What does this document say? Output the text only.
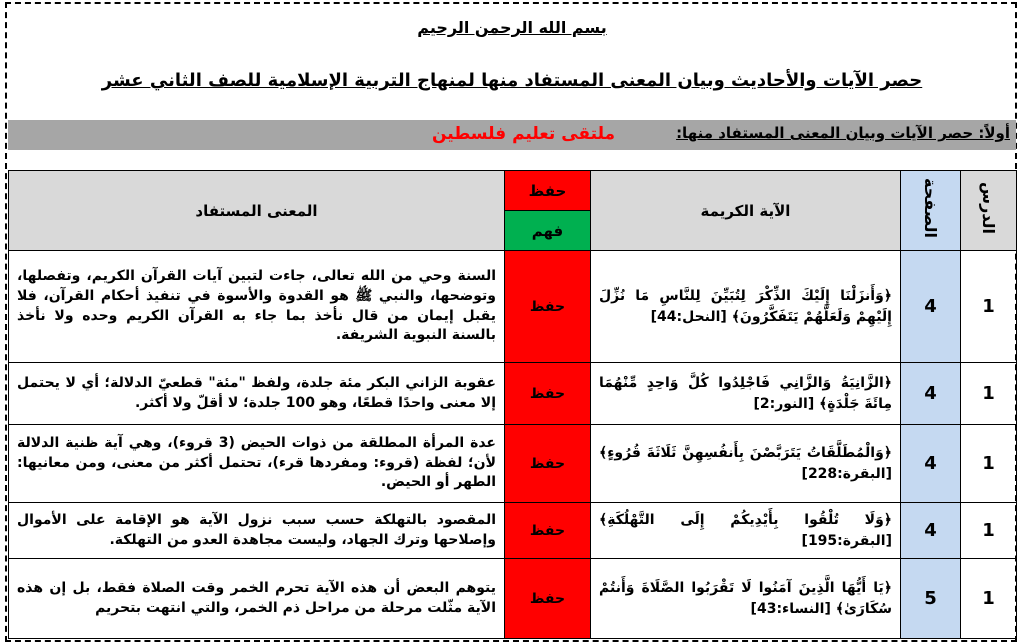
بسم الله الرحمن الرحيم
حصر الآيات والأحاديث وبيان المعنى المستفاد منها لمنهاج التربية الإسلامية للصف الثاني عشر
أولاً: حصر الآيات وبيان المعنى المستفاد منها:
ملتقى تعليم فلسطين
الدرس	الصفحة	الآية الكريمة	حفظ	المعنى المستفاد
			فهم	
1	4	﴿وَأَنزَلْنَا إِلَيْكَ الذِّكْرَ لِتُبَيِّنَ لِلنَّاسِ مَا نُزِّلَ إِلَيْهِمْ وَلَعَلَّهُمْ يَتَفَكَّرُونَ﴾ [النحل:44]	حفظ	السنة وحي من الله تعالى، جاءت لتبين آيات القرآن الكريم، وتفصلها، وتوضحها، والنبي ﷺ هو القدوة والأسوة في تنفيذ أحكام القرآن، فلا يقبل إيمان من قال نأخذ بما جاء به القرآن الكريم وحده ولا نأخذ بالسنة النبوية الشريفة.
1	4	﴿الزَّانِيَةُ وَالزَّانِي فَاجْلِدُوا كُلَّ وَاحِدٍ مِّنْهُمَا مِائَةَ جَلْدَةٍ﴾ [النور:2]	حفظ	عقوبة الزاني البكر مئة جلدة، ولفظ "مئة" قطعيّ الدلالة؛ أي لا يحتمل إلا معنى واحدًا قطعًا، وهو 100 جلدة؛ لا أقلّ ولا أكثر.
1	4	﴿وَالْمُطَلَّقَاتُ يَتَرَبَّصْنَ بِأَنفُسِهِنَّ ثَلَاثَةَ قُرُوءٍ﴾ [البقرة:228]	حفظ	عدة المرأة المطلقة من ذوات الحيض (3 قروء)، وهي آية ظنية الدلالة لأن؛ لفظة (قروء: ومفردها قرء)، تحتمل أكثر من معنى، ومن معانيها: الطهر أو الحيض.
1	4	﴿وَلَا تُلْقُوا بِأَيْدِيكُمْ إِلَى التَّهْلُكَةِ﴾ [البقرة:195]	حفظ	المقصود بالتهلكة حسب سبب نزول الآية هو الإقامة على الأموال وإصلاحها وترك الجهاد، وليست مجاهدة العدو من التهلكة.
1	5	﴿يَا أَيُّهَا الَّذِينَ آمَنُوا لَا تَقْرَبُوا الصَّلَاةَ وَأَنتُمْ سُكَارَىٰ﴾ [النساء:43]	حفظ	يتوهم البعض أن هذه الآية تحرم الخمر وقت الصلاة فقط، بل إن هذه الآية مثّلت مرحلة من مراحل ذم الخمر، والتي انتهت بتحريم
